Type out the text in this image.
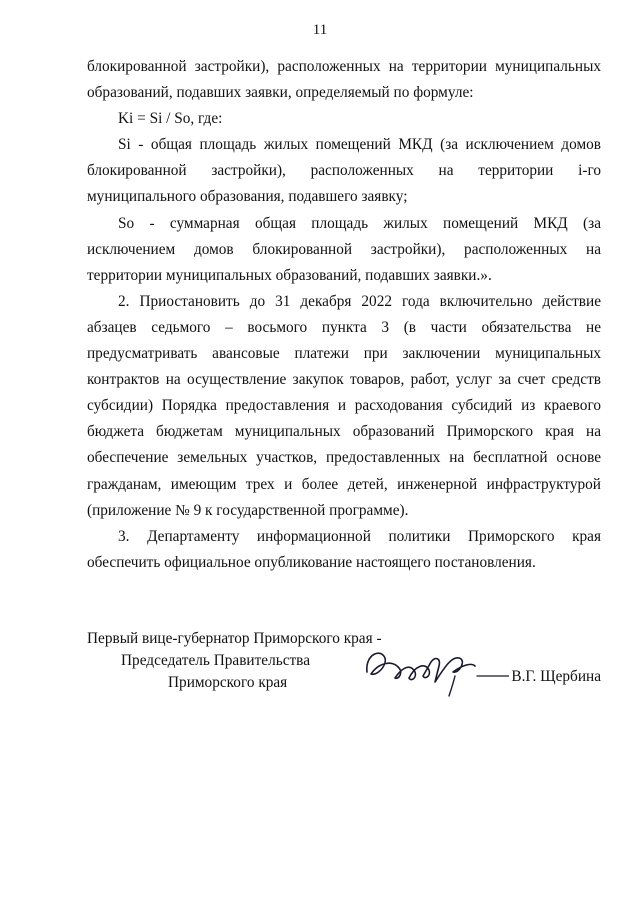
11

блокированной застройки), расположенных на территории муниципальных образований, подавших заявки, определяемый по формуле:

Ki = Si / So, где:

Si - общая площадь жилых помещений МКД (за исключением домов блокированной застройки), расположенных на территории i-го муниципального образования, подавшего заявку;

So - суммарная общая площадь жилых помещений МКД (за исключением домов блокированной застройки), расположенных на территории муниципальных образований, подавших заявки.».

2. Приостановить до 31 декабря 2022 года включительно действие абзацев седьмого – восьмого пункта 3 (в части обязательства не предусматривать авансовые платежи при заключении муниципальных контрактов на осуществление закупок товаров, работ, услуг за счет средств субсидии) Порядка предоставления и расходования субсидий из краевого бюджета бюджетам муниципальных образований Приморского края на обеспечение земельных участков, предоставленных на бесплатной основе гражданам, имеющим трех и более детей, инженерной инфраструктурой (приложение № 9 к государственной программе).

3. Департаменту информационной политики Приморского края обеспечить официальное опубликование настоящего постановления.

Первый вице-губернатор Приморского края -
Председатель Правительства
Приморского края	В.Г. Щербина
